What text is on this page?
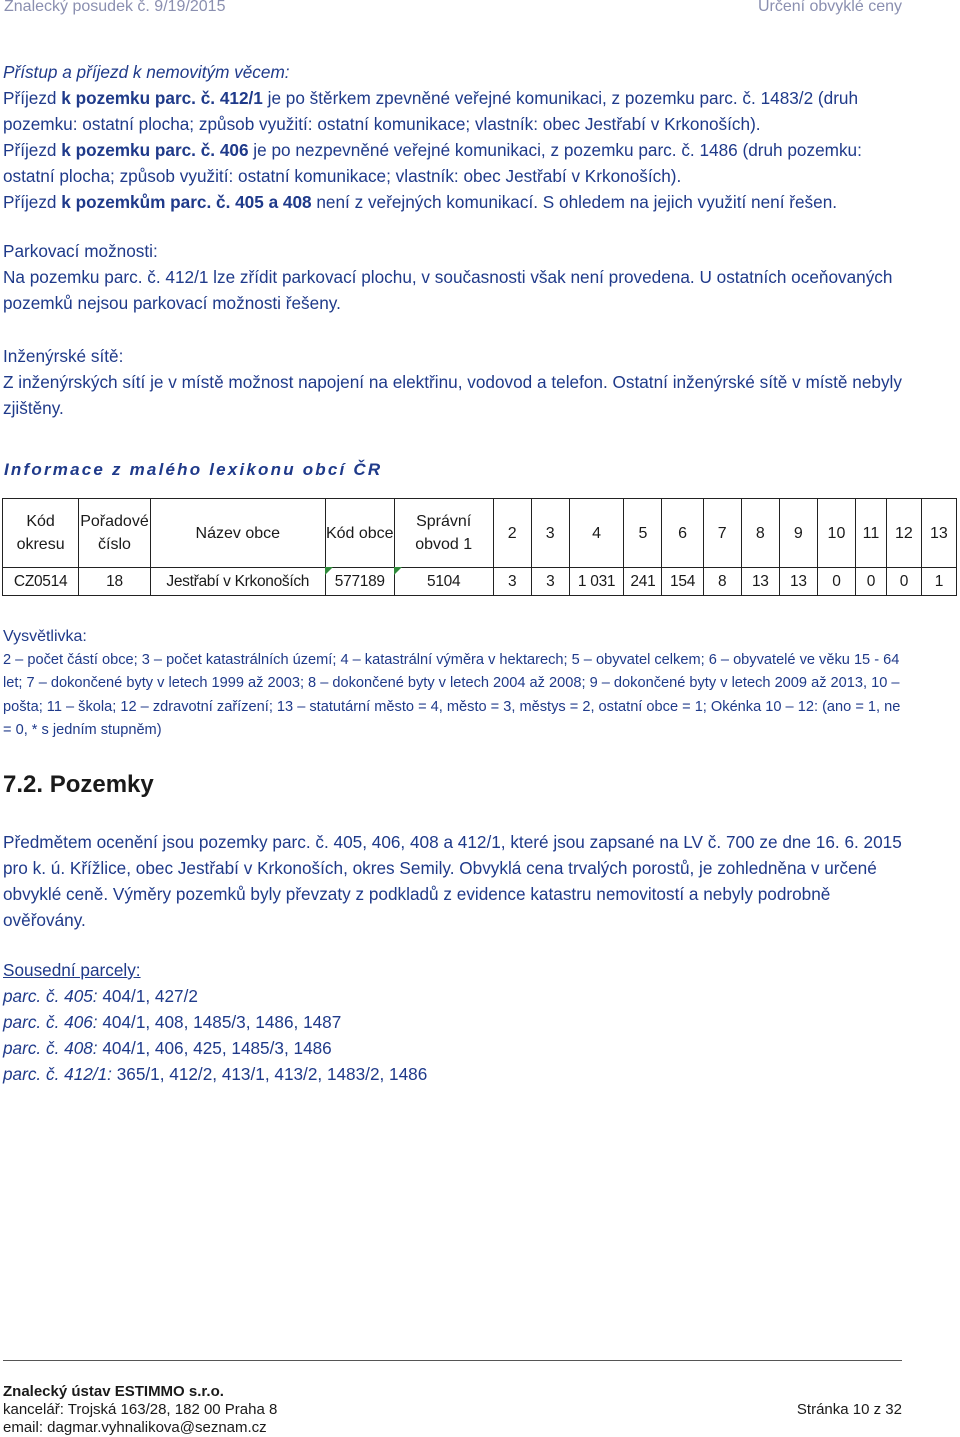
Znalecký posudek č. 9/19/2015	Určení obvyklé ceny

Přístup a příjezd k nemovitým věcem:

Příjezd k pozemku parc. č. 412/1 je po štěrkem zpevněné veřejné komunikaci, z pozemku parc. č. 1483/2 (druh pozemku: ostatní plocha; způsob využití: ostatní komunikace; vlastník: obec Jestřabí v Krkonoších).

Příjezd k pozemku parc. č. 406 je po nezpevněné veřejné komunikaci, z pozemku parc. č. 1486 (druh pozemku: ostatní plocha; způsob využití: ostatní komunikace; vlastník: obec Jestřabí v Krkonoších).

Příjezd k pozemkům parc. č. 405 a 408 není z veřejných komunikací. S ohledem na jejich využití není řešen.

Parkovací možnosti:

Na pozemku parc. č. 412/1 lze zřídit parkovací plochu, v současnosti však není provedena. U ostatních oceňovaných pozemků nejsou parkovací možnosti řešeny.

Inženýrské sítě:

Z inženýrských sítí je v místě možnost napojení na elektřinu, vodovod a telefon. Ostatní inženýrské sítě v místě nebyly zjištěny.

Informace z malého lexikonu obcí ČR
Kód okresu	Pořadové číslo	Název obce	Kód obce	Správní obvod 1	2	3	4	5	6	7	8	9	10	11	12	13
CZ0514	18	Jestřabí v Krkonoších	577189	5104	3	3	1 031	241	154	8	13	13	0	0	0	1
Vysvětlivka:
2 – počet částí obce; 3 – počet katastrálních území; 4 – katastrální výměra v hektarech; 5 – obyvatel celkem; 6 – obyvatelé ve věku 15 - 64 let; 7 – dokončené byty v letech 1999 až 2003; 8 – dokončené byty v letech 2004 až 2008; 9 – dokončené byty v letech 2009 až 2013, 10 – pošta; 11 – škola; 12 – zdravotní zařízení; 13 – statutární město = 4, město = 3, městys = 2, ostatní obce = 1; Okénka 10 – 12: (ano = 1, ne = 0, * s jedním stupněm)
7.2. Pozemky

Předmětem ocenění jsou pozemky parc. č. 405, 406, 408 a 412/1, které jsou zapsané na LV č. 700 ze dne 16. 6. 2015 pro k. ú. Křížlice, obec Jestřabí v Krkonoších, okres Semily. Obvyklá cena trvalých porostů, je zohledněna v určené obvyklé ceně. Výměry pozemků byly převzaty z podkladů z evidence katastru nemovitostí a nebyly podrobně ověřovány.

Sousední parcely:

parc. č. 405: 404/1, 427/2

parc. č. 406: 404/1, 408, 1485/3, 1486, 1487

parc. č. 408: 404/1, 406, 425, 1485/3, 1486

parc. č. 412/1: 365/1, 412/2, 413/1, 413/2, 1483/2, 1486

Znalecký ústav ESTIMMO s.r.o.
kancelář: Trojská 163/28, 182 00 Praha 8
email: dagmar.vyhnalikova@seznam.cz
Stránka 10 z 32
